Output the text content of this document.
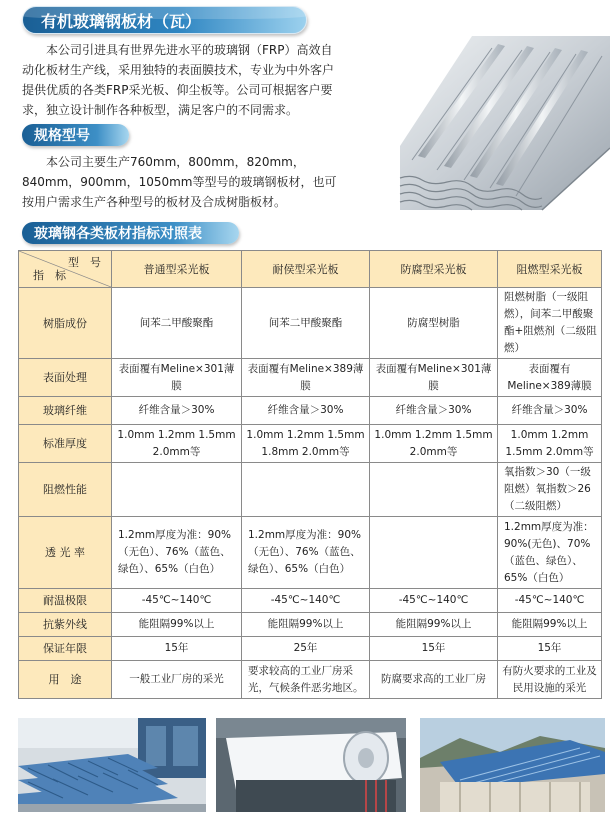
有机玻璃钢板材（瓦）

本公司引进具有世界先进水平的玻璃钢（FRP）高效自动化板材生产线，采用独特的表面膜技术，专业为中外客户提供优质的各类FRP采光板、仰尘板等。公司可根据客户要求，独立设计制作各种板型，满足客户的不同需求。

规格型号

本公司主要生产760mm，800mm，820mm，840mm，900mm，1050mm等型号的玻璃钢板材，也可按用户需求生产各种型号的板材及合成树脂板材。

玻璃钢各类板材指标对照表
型　号
指　标	普通型采光板	耐侯型采光板	防腐型采光板	阻燃型采光板
树脂成份	间苯二甲酸聚酯	间苯二甲酸聚酯	防腐型树脂	阻燃树脂（一级阻燃），间苯二甲酸聚酯+阻燃剂（二级阻燃）
表面处理	表面覆有Meline×301薄膜	表面覆有Meline×389薄膜	表面覆有Meline×301薄膜	表面覆有Meline×389薄膜
玻璃纤维	纤维含量＞30%	纤维含量＞30%	纤维含量＞30%	纤维含量＞30%
标准厚度	1.0mm 1.2mm 1.5mm 2.0mm等	1.0mm 1.2mm 1.5mm 1.8mm 2.0mm等	1.0mm 1.2mm 1.5mm 2.0mm等	1.0mm 1.2mm 1.5mm 2.0mm等
阻燃性能				氧指数＞30（一级阻燃）氧指数＞26（二级阻燃）
透 光 率	1.2mm厚度为准：90%（无色）、76%（蓝色、绿色）、65%（白色）	1.2mm厚度为准：90%（无色）、76%（蓝色、绿色）、65%（白色）		1.2mm厚度为准：90%(无色)、70%（蓝色、绿色）、65%（白色）
耐温极限	-45℃~140℃	-45℃~140℃	-45℃~140℃	-45℃~140℃
抗紫外线	能阻隔99%以上	能阻隔99%以上	能阻隔99%以上	能阻隔99%以上
保证年限	15年	25年	15年	15年
用　途	一般工业厂房的采光	要求较高的工业厂房采光，气候条件恶劣地区。	防腐要求高的工业厂房	有防火要求的工业及民用设施的采光
